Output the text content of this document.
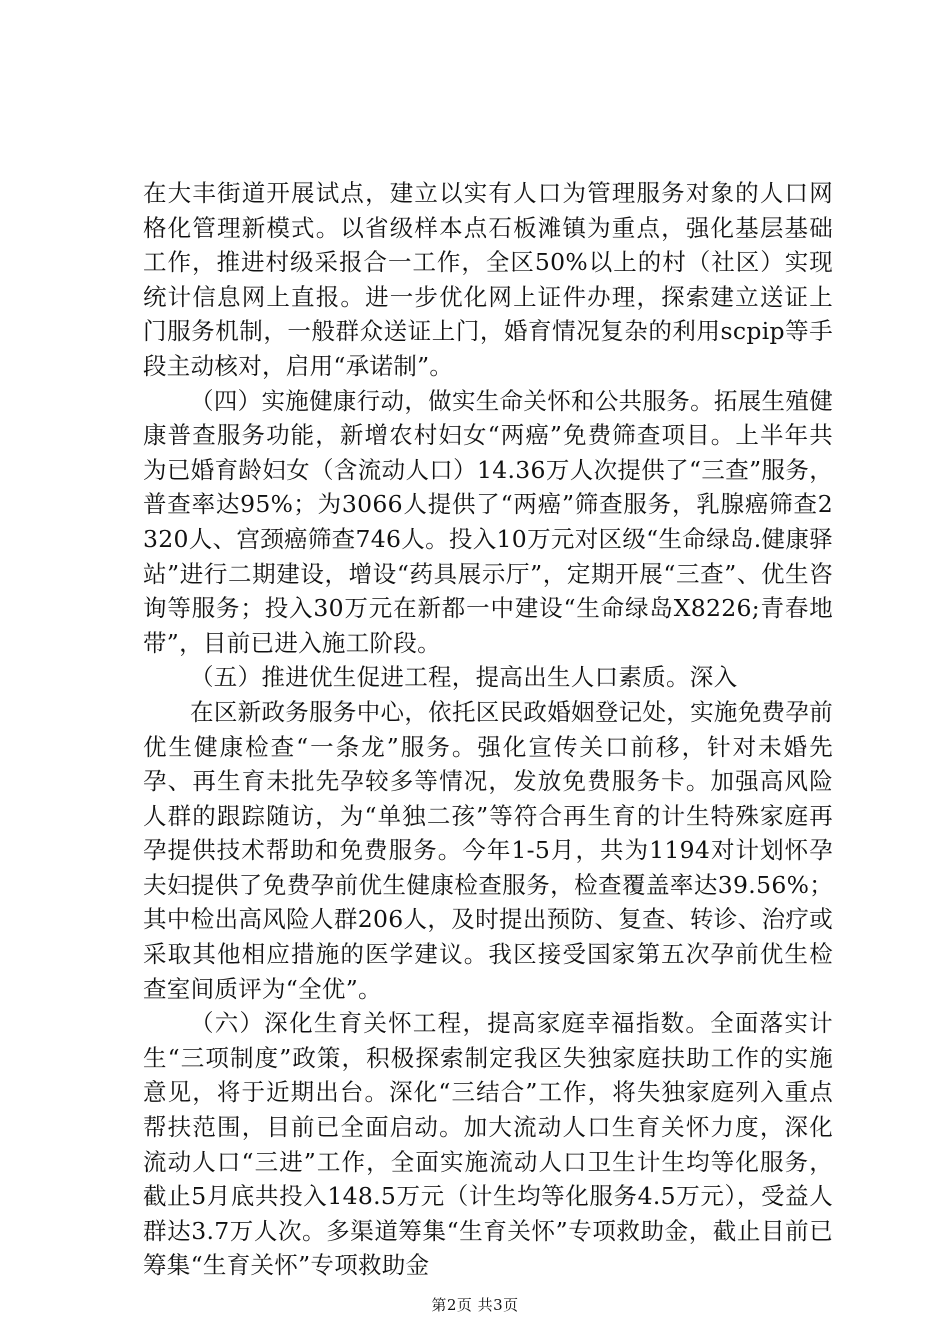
在大丰街道开展试点，建立以实有人口为管理服务对象的人口网格化管理新模式。以省级样本点石板滩镇为重点，强化基层基础工作，推进村级采报合一工作，全区50%以上的村（社区）实现统计信息网上直报。进一步优化网上证件办理，探索建立送证上门服务机制，一般群众送证上门，婚育情况复杂的利用scpip等手段主动核对，启用“承诺制”。

（四）实施健康行动，做实生命关怀和公共服务。拓展生殖健康普查服务功能，新增农村妇女“两癌”免费筛查项目。上半年共为已婚育龄妇女（含流动人口）14.36万人次提供了“三查”服务，普查率达95%；为3066人提供了“两癌”筛查服务，乳腺癌筛查2320人、宫颈癌筛查746人。投入10万元对区级“生命绿岛.健康驿站”进行二期建设，增设“药具展示厅”，定期开展“三查”、优生咨询等服务；投入30万元在新都一中建设“生命绿岛X8226;青春地带”，目前已进入施工阶段。

（五）推进优生促进工程，提高出生人口素质。深入

在区新政务服务中心，依托区民政婚姻登记处，实施免费孕前优生健康检查“一条龙”服务。强化宣传关口前移，针对未婚先孕、再生育未批先孕较多等情况，发放免费服务卡。加强高风险人群的跟踪随访，为“单独二孩”等符合再生育的计生特殊家庭再孕提供技术帮助和免费服务。今年1-5月，共为1194对计划怀孕夫妇提供了免费孕前优生健康检查服务，检查覆盖率达39.56%；其中检出高风险人群206人，及时提出预防、复查、转诊、治疗或采取其他相应措施的医学建议。我区接受国家第五次孕前优生检查室间质评为“全优”。

（六）深化生育关怀工程，提高家庭幸福指数。全面落实计生“三项制度”政策，积极探索制定我区失独家庭扶助工作的实施意见，将于近期出台。深化“三结合”工作，将失独家庭列入重点帮扶范围，目前已全面启动。加大流动人口生育关怀力度，深化流动人口“三进”工作，全面实施流动人口卫生计生均等化服务，截止5月底共投入148.5万元（计生均等化服务4.5万元），受益人群达3.7万人次。多渠道筹集“生育关怀”专项救助金，截止目前已筹集“生育关怀”专项救助金

第2页 共3页
